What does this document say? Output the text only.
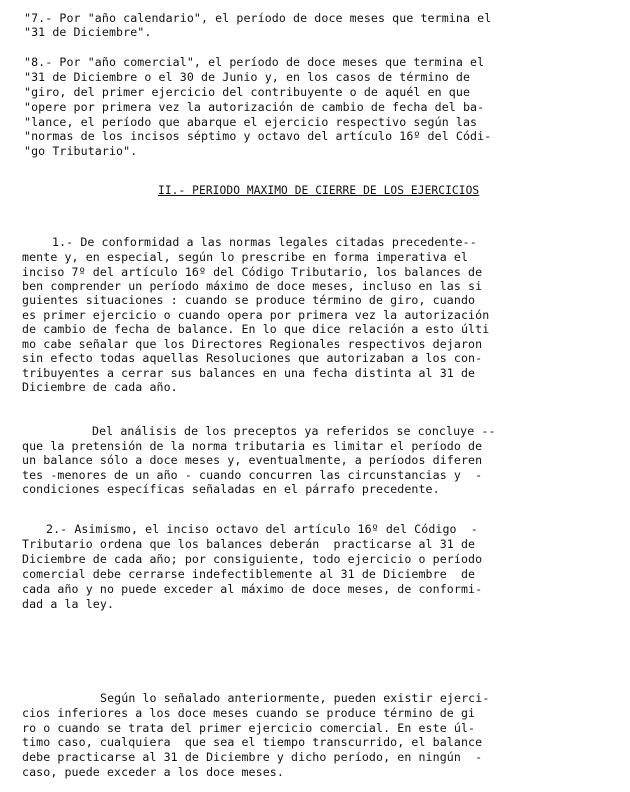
"7.- Por "año calendario", el período de doce meses que termina el
"31 de Diciembre".
"8.- Por "año comercial", el período de doce meses que termina el
"31 de Diciembre o el 30 de Junio y, en los casos de término de
"giro, del primer ejercicio del contribuyente o de aquél en que
"opere por primera vez la autorización de cambio de fecha del ba-
"lance, el período que abarque el ejercicio respectivo según las
"normas de los incisos séptimo y octavo del artículo 16º del Códi-
"go Tributario".
II.- PERIODO MAXIMO DE CIERRE DE LOS EJERCICIOS
1.- De conformidad a las normas legales citadas precedente--
mente y, en especial, según lo prescribe en forma imperativa el
inciso 7º del artículo 16º del Código Tributario, los balances de
ben comprender un período máximo de doce meses, incluso en las si
guientes situaciones : cuando se produce término de giro, cuando
es primer ejercicio o cuando opera por primera vez la autorización
de cambio de fecha de balance. En lo que dice relación a esto últi
mo cabe señalar que los Directores Regionales respectivos dejaron
sin efecto todas aquellas Resoluciones que autorizaban a los con-
tribuyentes a cerrar sus balances en una fecha distinta al 31 de
Diciembre de cada año.
Del análisis de los preceptos ya referidos se concluye --
que la pretensión de la norma tributaria es limitar el período de
un balance sólo a doce meses y, eventualmente, a períodos diferen
tes -menores de un año - cuando concurren las circunstancias y  -
condiciones específicas señaladas en el párrafo precedente.
2.- Asimismo, el inciso octavo del artículo 16º del Código  -
Tributario ordena que los balances deberán  practicarse al 31 de
Diciembre de cada año; por consiguiente, todo ejercicio o período
comercial debe cerrarse indefectiblemente al 31 de Diciembre  de
cada año y no puede exceder al máximo de doce meses, de conformi-
dad a la ley.
Según lo señalado anteriormente, pueden existir ejerci-
cios inferiores a los doce meses cuando se produce término de gi
ro o cuando se trata del primer ejercicio comercial. En este úl-
timo caso, cualquiera  que sea el tiempo transcurrido, el balance
debe practicarse al 31 de Diciembre y dicho período, en ningún  -
caso, puede exceder a los doce meses.
